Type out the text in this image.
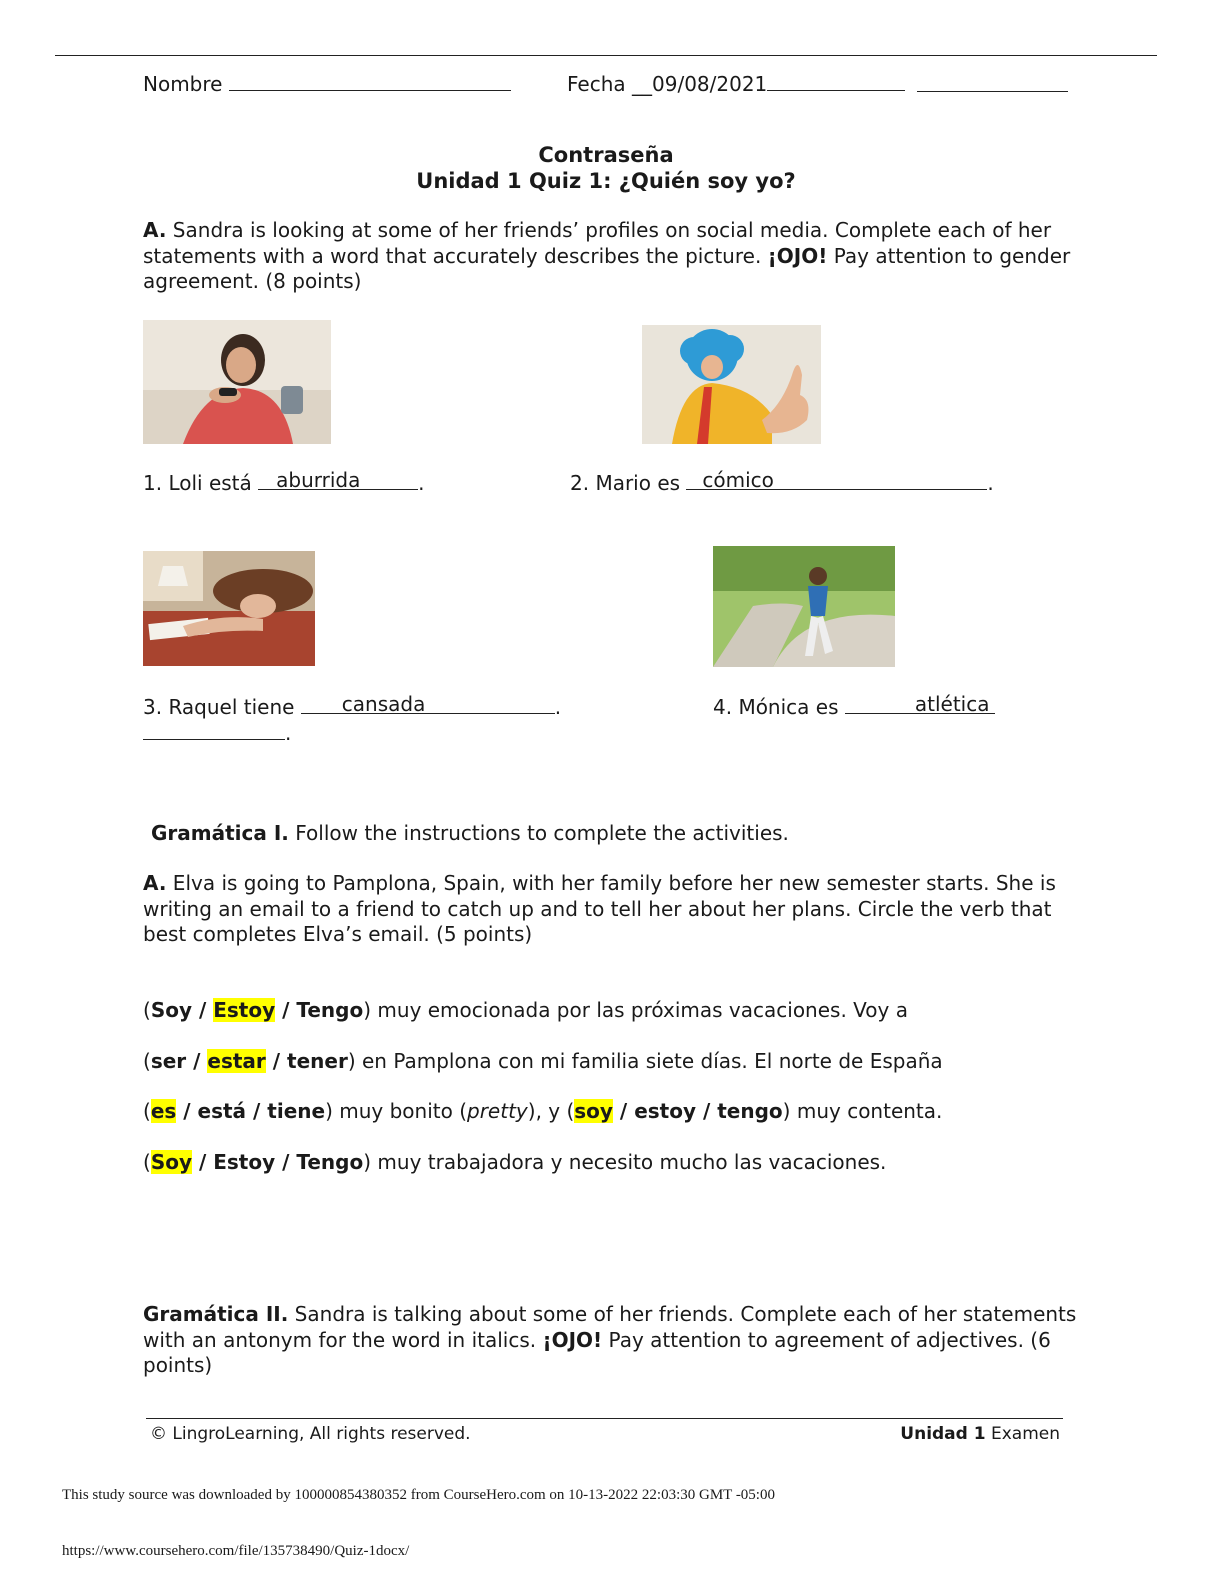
Nombre	Fecha __09/08/2021
Contraseña
Unidad 1 Quiz 1: ¿Quién soy yo?
A. Sandra is looking at some of her friends’ profiles on social media. Complete each of her statements with a word that accurately describes the picture. ¡OJO! Pay attention to gender agreement. (8 points)
1. Loli está aburrida	.	2. Mario es cómico	.
3. Raquel tiene cansada	.
.
4. Mónica es	atlética
Gramática I. Follow the instructions to complete the activities.
A. Elva is going to Pamplona, Spain, with her family before her new semester starts. She is writing an email to a friend to catch up and to tell her about her plans. Circle the verb that best completes Elva’s email. (5 points)
(Soy / Estoy / Tengo) muy emocionada por las próximas vacaciones. Voy a
(ser / estar / tener) en Pamplona con mi familia siete días. El norte de España
(es / está / tiene) muy bonito (pretty), y (soy / estoy / tengo) muy contenta.
(Soy / Estoy / Tengo) muy trabajadora y necesito mucho las vacaciones.
Gramática II. Sandra is talking about some of her friends. Complete each of her statements with an antonym for the word in italics. ¡OJO! Pay attention to agreement of adjectives. (6 points)
© LingroLearning, All rights reserved.	Unidad 1 Examen
This study source was downloaded by 100000854380352 from CourseHero.com on 10-13-2022 22:03:30 GMT -05:00
https://www.coursehero.com/file/135738490/Quiz-1docx/
